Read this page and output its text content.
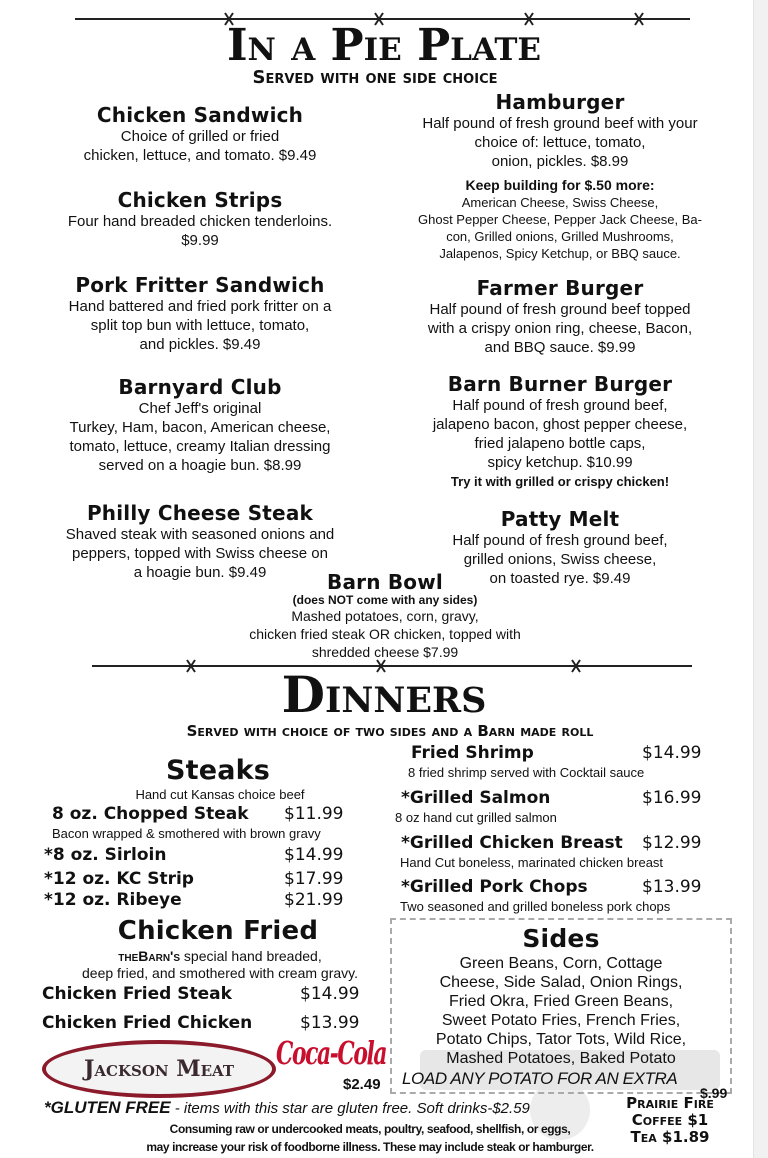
In a Pie Plate
Served with one side choice
Chicken Sandwich
Choice of grilled or fried
chicken, lettuce, and tomato. $9.49
Chicken Strips
Four hand breaded chicken tenderloins.
$9.99
Pork Fritter Sandwich
Hand battered and fried pork fritter on a
split top bun with lettuce, tomato,
and pickles. $9.49
Barnyard Club
Chef Jeff's original
Turkey, Ham, bacon, American cheese,
tomato, lettuce, creamy Italian dressing
served on a hoagie bun. $8.99
Philly Cheese Steak
Shaved steak with seasoned onions and
peppers, topped with Swiss cheese on
a hoagie bun. $9.49
Hamburger
Half pound of fresh ground beef with your
choice of: lettuce, tomato,
onion, pickles. $8.99
Farmer Burger
Half pound of fresh ground beef topped
with a crispy onion ring, cheese, Bacon,
and BBQ sauce. $9.99
Barn Burner Burger
Half pound of fresh ground beef,
jalapeno bacon, ghost pepper cheese,
fried jalapeno bottle caps,
spicy ketchup. $10.99
Try it with grilled or crispy chicken!
Patty Melt
Half pound of fresh ground beef,
grilled onions, Swiss cheese,
on toasted rye. $9.49
Keep building for $.50 more:
American Cheese, Swiss Cheese,
Ghost Pepper Cheese, Pepper Jack Cheese, Ba-
con, Grilled onions, Grilled Mushrooms,
Jalapenos, Spicy Ketchup, or BBQ sauce.
Barn Bowl
(does NOT come with any sides)
Mashed potatoes, corn, gravy,
chicken fried steak OR chicken, topped with
shredded cheese $7.99
Dinners
Served with choice of two sides and a Barn made roll
Steaks
Hand cut Kansas choice beef
8 oz. Chopped Steak $11.99
Bacon wrapped & smothered with brown gravy
*8 oz. Sirloin	$14.99
*12 oz. KC Strip	$17.99
*12 oz. Ribeye	$21.99
Fried Shrimp	$14.99
8 fried shrimp served with Cocktail sauce
*Grilled Salmon	$16.99
8 oz hand cut grilled salmon
*Grilled Chicken Breast $12.99
Hand Cut boneless, marinated chicken breast
*Grilled Pork Chops	$13.99
Two seasoned and grilled boneless pork chops
Chicken Fried Steak	$14.99
Chicken Fried Chicken	$13.99
Chicken Fried
theBarn's special hand breaded,
deep fried, and smothered with cream gravy.
Sides
Green Beans, Corn, Cottage
Cheese, Side Salad, Onion Rings,
Fried Okra, Fried Green Beans,
Sweet Potato Fries, French Fries,
Potato Chips, Tator Tots, Wild Rice,
Mashed Potatoes, Baked Potato
LOAD ANY POTATO FOR AN EXTRA
$.99
Jackson Meat Coca-Cola
$2.49
*GLUTEN FREE - items with this star are gluten free. Soft drinks-$2.59
Consuming raw or undercooked meats, poultry, seafood, shellfish, or eggs,
may increase your risk of foodborne illness. These may include steak or hamburger.
Prairie Fire
Coffee $1
Tea $1.89
